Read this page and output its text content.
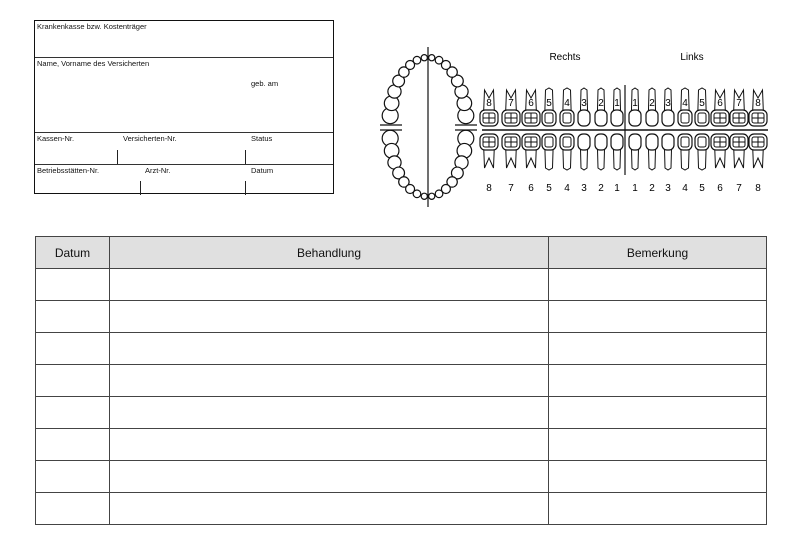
Krankenkasse bzw. Kostenträger
Name, Vorname des Versicherten
geb. am
Kassen-Nr.	Versicherten-Nr.	Status
Betriebsstätten-Nr.	Arzt-Nr.	Datum
Rechts	Links
8
8
7
7
6
6
5
5
4
4
3
3
2
2
1
1
1
1
2
2
3
3
4
4
5
5
6
6
7
7
8
8
Datum	Behandlung	Bemerkung
